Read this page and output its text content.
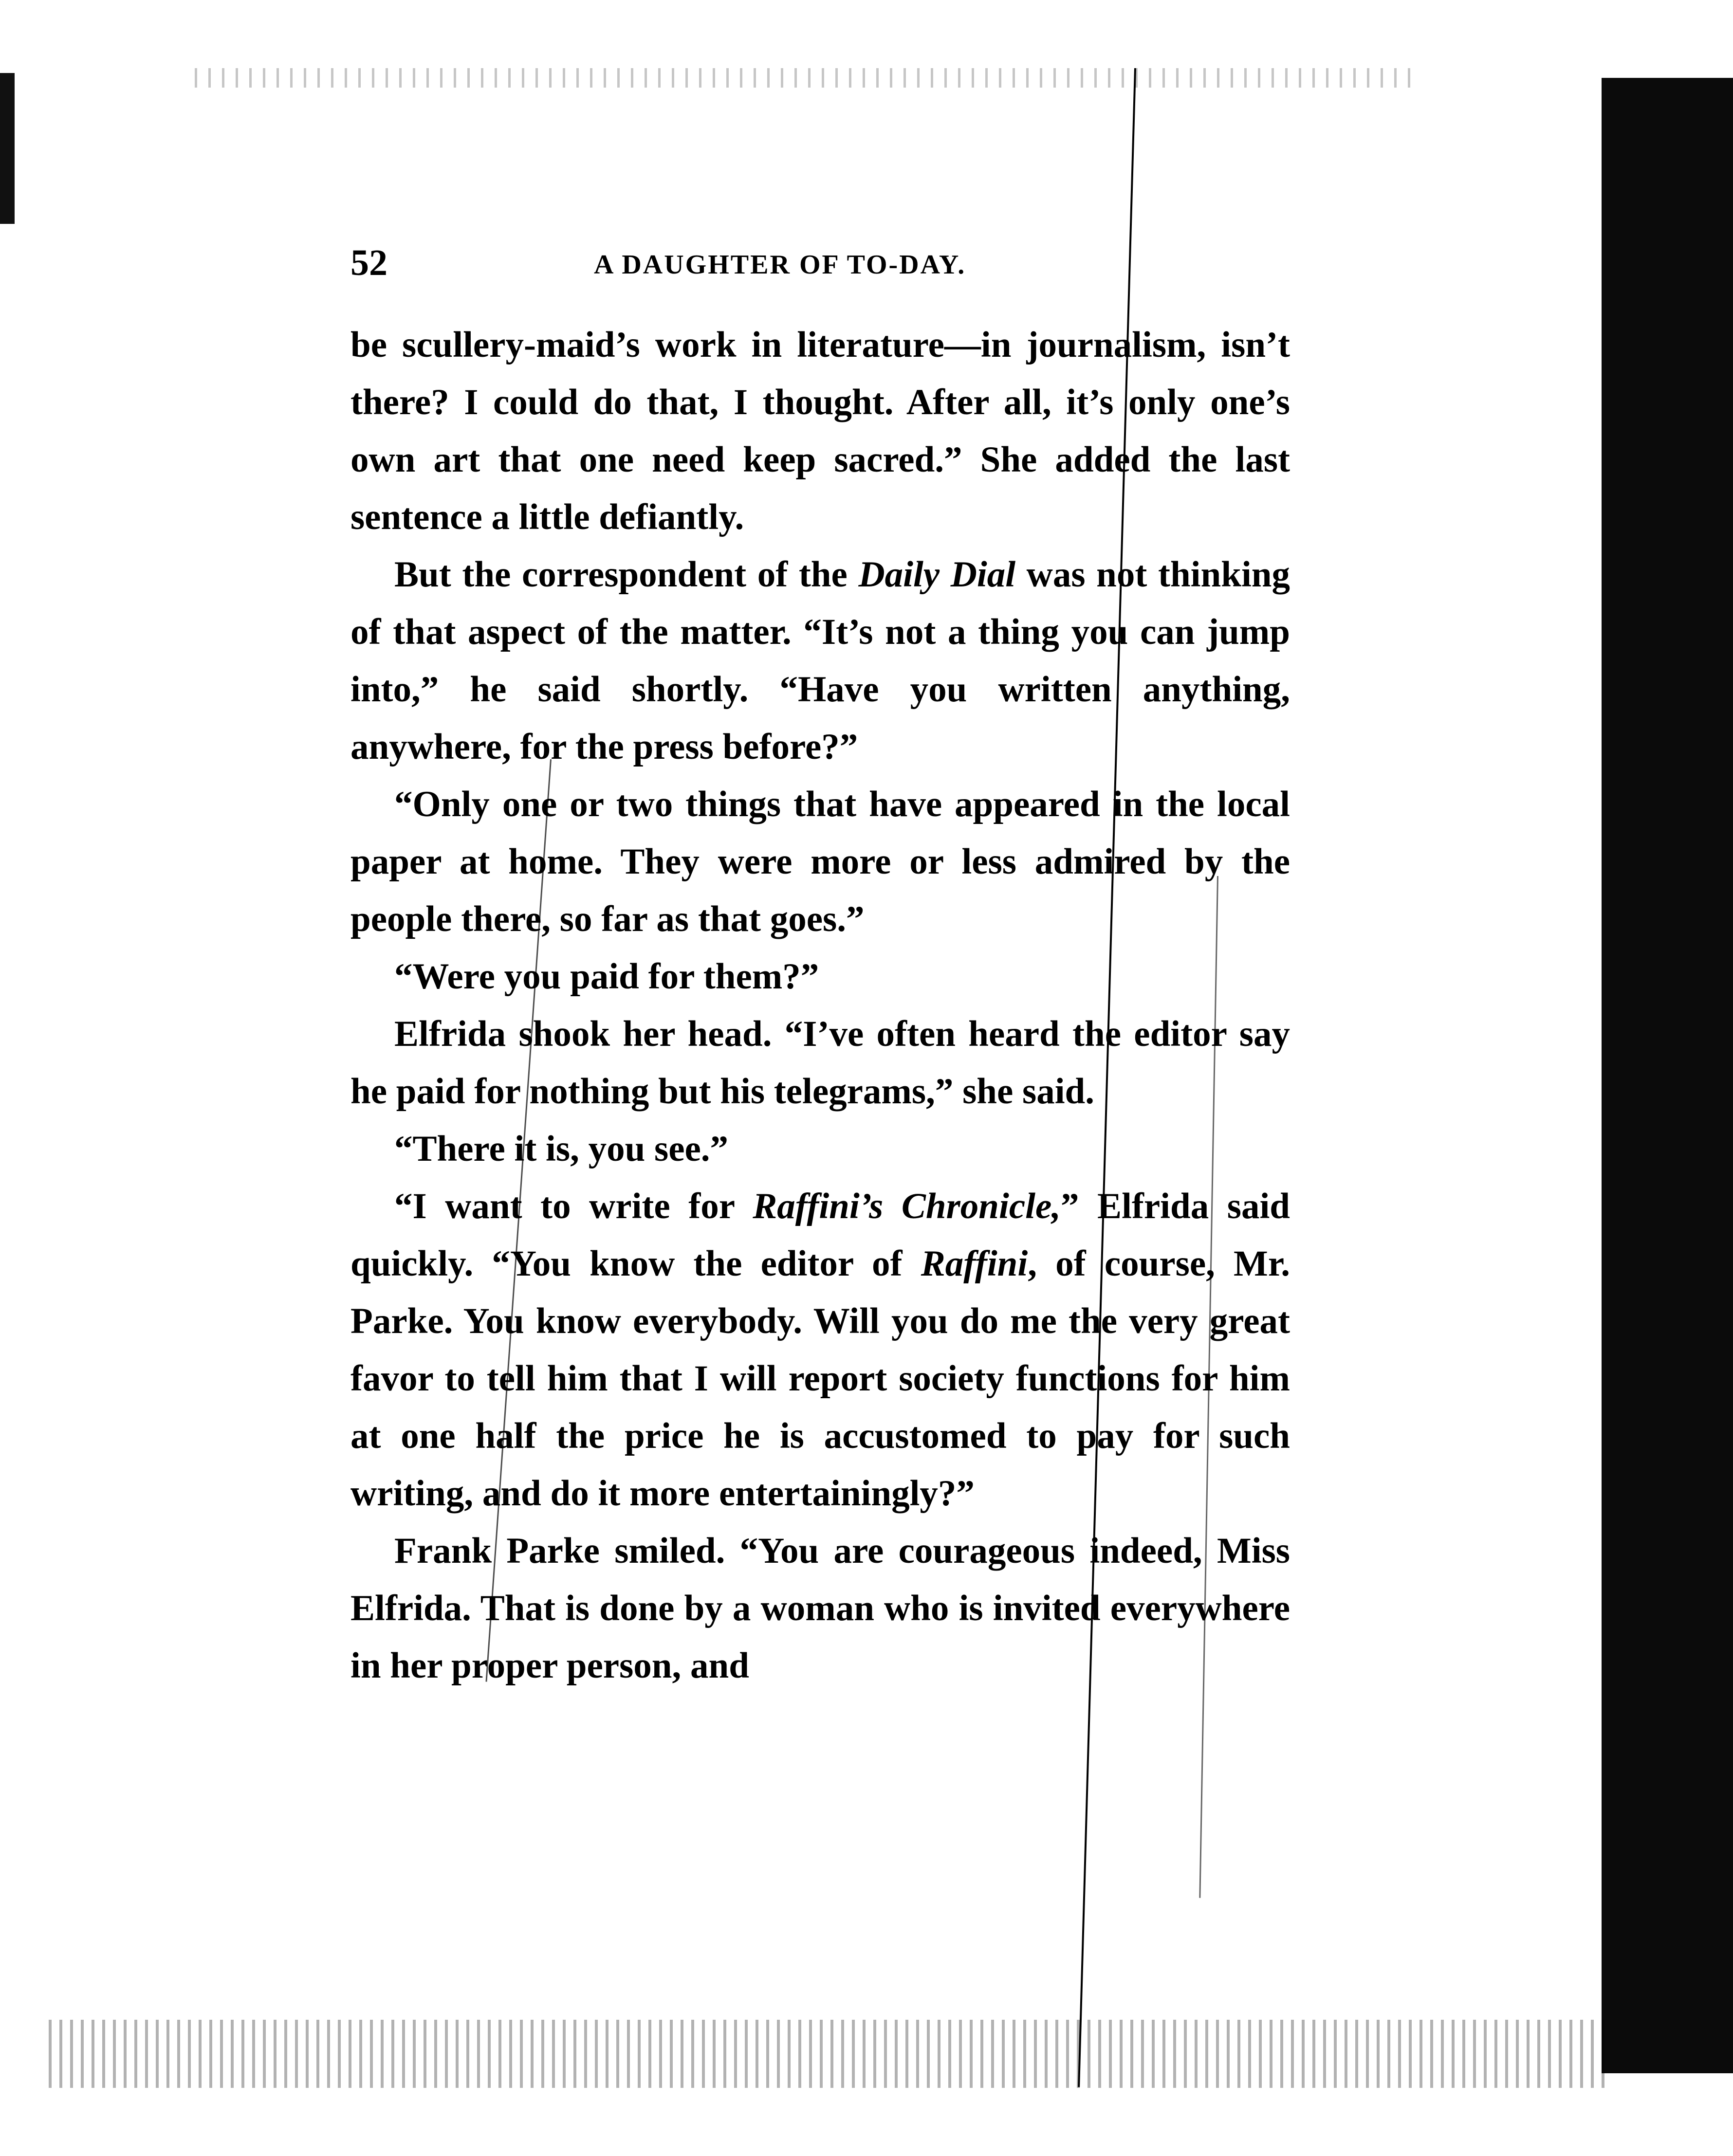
52	A DAUGHTER OF TO-DAY.

be scullery-maid’s work in literature—in journalism, isn’t there? I could do that, I thought. After all, it’s only one’s own art that one need keep sacred.” She added the last sentence a little defiantly.

But the correspondent of the Daily Dial was not thinking of that aspect of the matter. “It’s not a thing you can jump into,” he said shortly. “Have you written anything, anywhere, for the press before?”

“Only one or two things that have appeared in the local paper at home. They were more or less admired by the people there, so far as that goes.”

“Were you paid for them?”

Elfrida shook her head. “I’ve often heard the editor say he paid for nothing but his telegrams,” she said.

“There it is, you see.”

“I want to write for Raffini’s Chronicle,” Elfrida said quickly. “You know the editor of Raffini, of course, Mr. Parke. You know everybody. Will you do me the very great favor to tell him that I will report society functions for him at one half the price he is accustomed to pay for such writing, and do it more entertainingly?”

Frank Parke smiled. “You are courageous indeed, Miss Elfrida. That is done by a woman who is invited everywhere in her proper person, and
